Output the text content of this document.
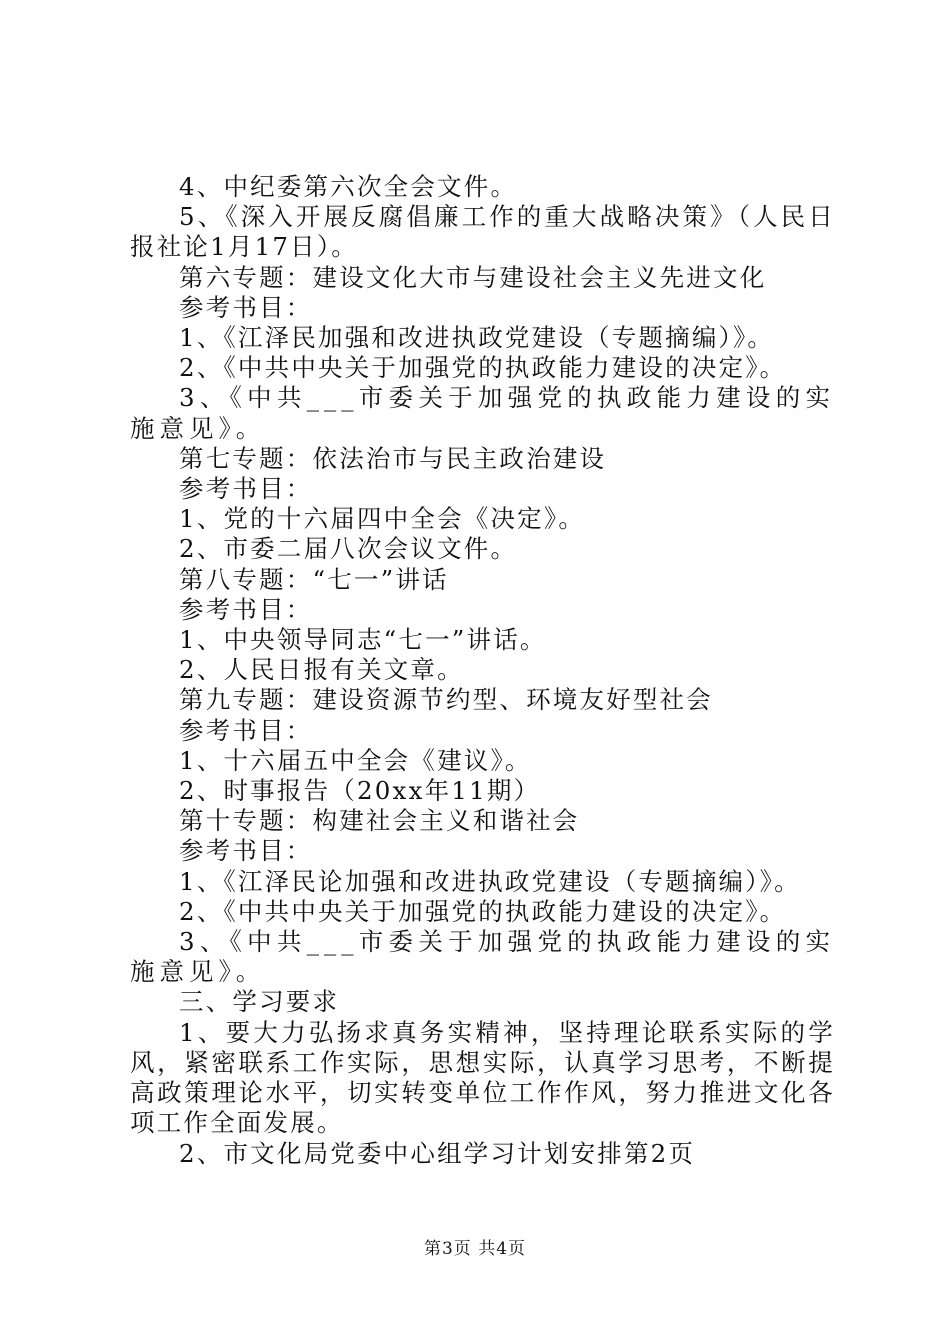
4、中纪委第六次全会文件。

5、《深入开展反腐倡廉工作的重大战略决策》（人民日报社论1月17日）。

第六专题：建设文化大市与建设社会主义先进文化

参考书目：

1、《江泽民加强和改进执政党建设（专题摘编）》。

2、《中共中央关于加强党的执政能力建设的决定》。

3、《中共___市委关于加强党的执政能力建设的实施意见》。

第七专题：依法治市与民主政治建设

参考书目：

1、党的十六届四中全会《决定》。

2、市委二届八次会议文件。

第八专题：“七一”讲话

参考书目：

1、中央领导同志“七一”讲话。

2、人民日报有关文章。

第九专题：建设资源节约型、环境友好型社会

参考书目：

1、十六届五中全会《建议》。

2、时事报告（20xx年11期）

第十专题：构建社会主义和谐社会

参考书目：

1、《江泽民论加强和改进执政党建设（专题摘编）》。

2、《中共中央关于加强党的执政能力建设的决定》。

3、《中共___市委关于加强党的执政能力建设的实施意见》。

三、学习要求

1、要大力弘扬求真务实精神，坚持理论联系实际的学风，紧密联系工作实际，思想实际，认真学习思考，不断提高政策理论水平，切实转变单位工作作风，努力推进文化各项工作全面发展。

2、市文化局党委中心组学习计划安排第2页

第3页 共4页
